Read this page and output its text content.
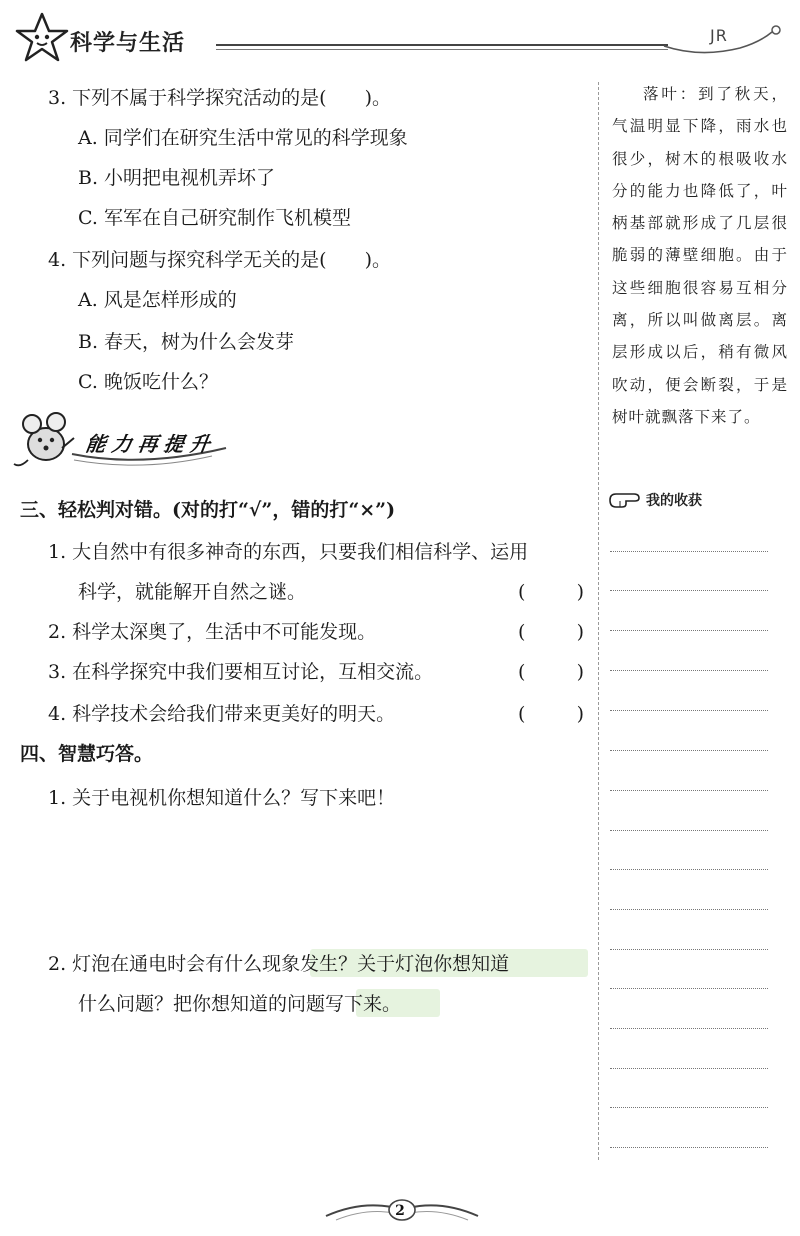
科学与生活	JR
3. 下列不属于科学探究活动的是(　　)。
A. 同学们在研究生活中常见的科学现象
B. 小明把电视机弄坏了
C. 军军在自己研究制作飞机模型
4. 下列问题与探究科学无关的是(　　)。
A. 风是怎样形成的
B. 春天，树为什么会发芽
C. 晚饭吃什么？
能力再提升
三、轻松判对错。(对的打“√”，错的打“×”)
1. 大自然中有很多神奇的东西，只要我们相信科学、运用
科学，就能解开自然之谜。	(	)
2. 科学太深奥了，生活中不可能发现。	(	)
3. 在科学探究中我们要相互讨论，互相交流。	(	)
4. 科学技术会给我们带来更美好的明天。	(	)
四、智慧巧答。
1. 关于电视机你想知道什么？写下来吧！
2. 灯泡在通电时会有什么现象发生？关于灯泡你想知道
什么问题？把你想知道的问题写下来。
落叶：到了秋天，气温明显下降，雨水也很少，树木的根吸收水分的能力也降低了，叶柄基部就形成了几层很脆弱的薄壁细胞。由于这些细胞很容易互相分离，所以叫做离层。离层形成以后，稍有微风吹动，便会断裂，于是树叶就飘落下来了。
我的收获
2
